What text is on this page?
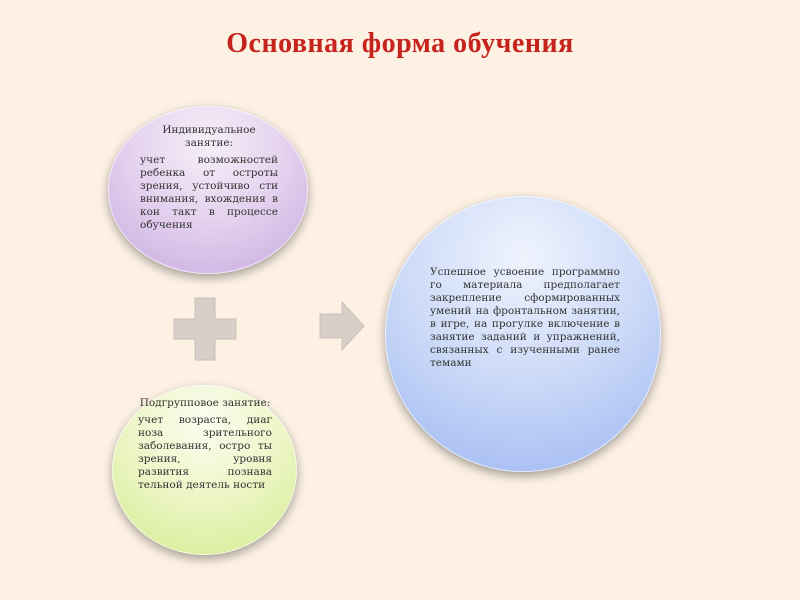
Основная форма обучения

Индивидуальное занятие:

учет возможностей ребенка от остроты зрения, устойчиво сти внимания, вхождения в кон такт в процессе обучения

Подгрупповое занятие:

учет возраста, диаг ноза зрительного заболевания, остро ты зрения, уровня развития познава тельной деятель ности

Успешное усвоение программно го материала предполагает закрепление сформированных умений на фронтальном занятии, в игре, на прогулке включение в занятие заданий и упражнений, связанных с изученными ранее темами
